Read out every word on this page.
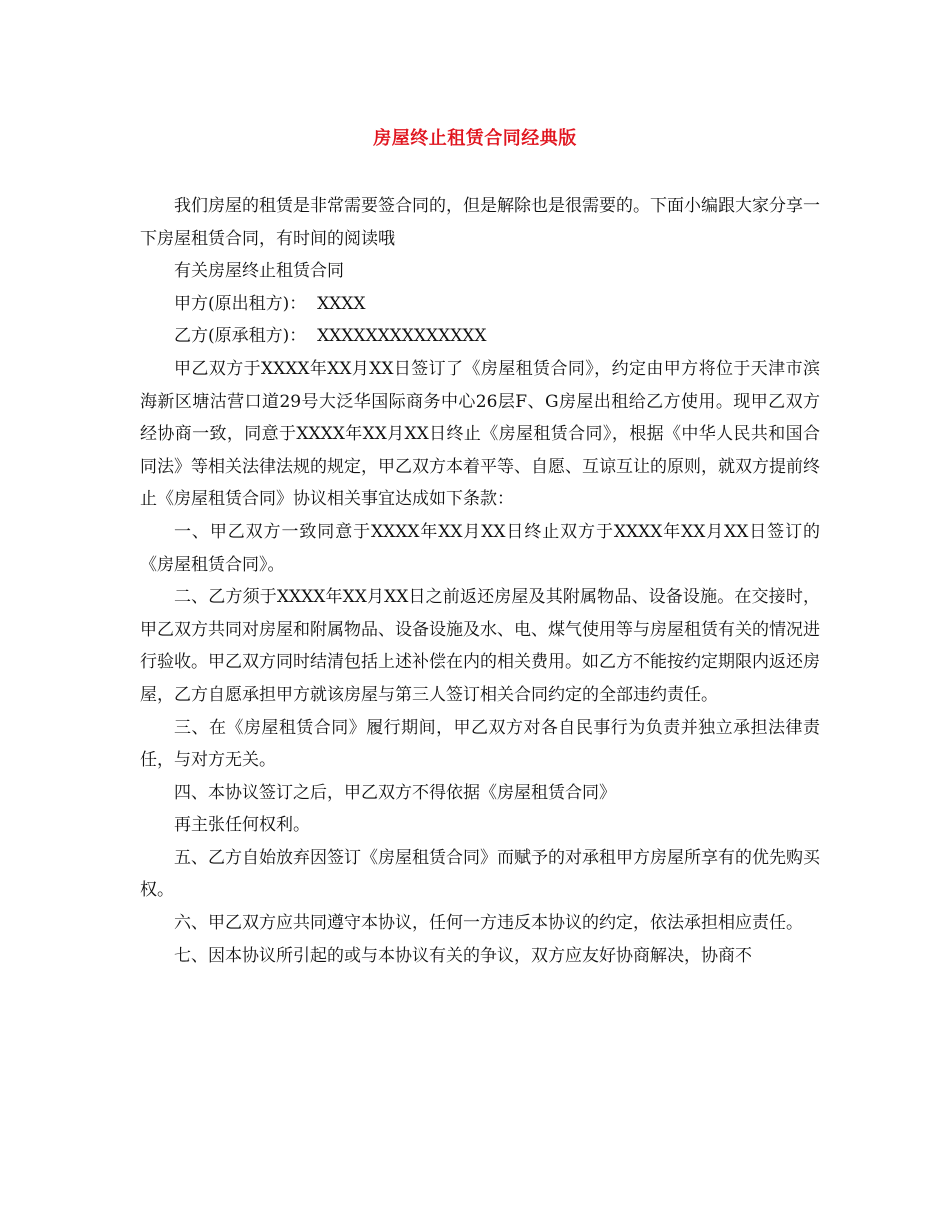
房屋终止租赁合同经典版

我们房屋的租赁是非常需要签合同的，但是解除也是很需要的。下面小编跟大家分享一下房屋租赁合同，有时间的阅读哦

有关房屋终止租赁合同

甲方(原出租方)：  XXXX

乙方(原承租方)：  XXXXXXXXXXXXXX

甲乙双方于XXXX年XX月XX日签订了《房屋租赁合同》，约定由甲方将位于天津市滨海新区塘沽营口道29号大泛华国际商务中心26层F、G房屋出租给乙方使用。现甲乙双方经协商一致，同意于XXXX年XX月XX日终止《房屋租赁合同》，根据《中华人民共和国合同法》等相关法律法规的规定，甲乙双方本着平等、自愿、互谅互让的原则，就双方提前终止《房屋租赁合同》协议相关事宜达成如下条款：

一、甲乙双方一致同意于XXXX年XX月XX日终止双方于XXXX年XX月XX日签订的《房屋租赁合同》。

二、乙方须于XXXX年XX月XX日之前返还房屋及其附属物品、设备设施。在交接时，甲乙双方共同对房屋和附属物品、设备设施及水、电、煤气使用等与房屋租赁有关的情况进行验收。甲乙双方同时结清包括上述补偿在内的相关费用。如乙方不能按约定期限内返还房屋，乙方自愿承担甲方就该房屋与第三人签订相关合同约定的全部违约责任。

三、在《房屋租赁合同》履行期间，甲乙双方对各自民事行为负责并独立承担法律责任，与对方无关。

四、本协议签订之后，甲乙双方不得依据《房屋租赁合同》

再主张任何权利。

五、乙方自始放弃因签订《房屋租赁合同》而赋予的对承租甲方房屋所享有的优先购买权。

六、甲乙双方应共同遵守本协议，任何一方违反本协议的约定，依法承担相应责任。

七、因本协议所引起的或与本协议有关的争议，双方应友好协商解决，协商不
